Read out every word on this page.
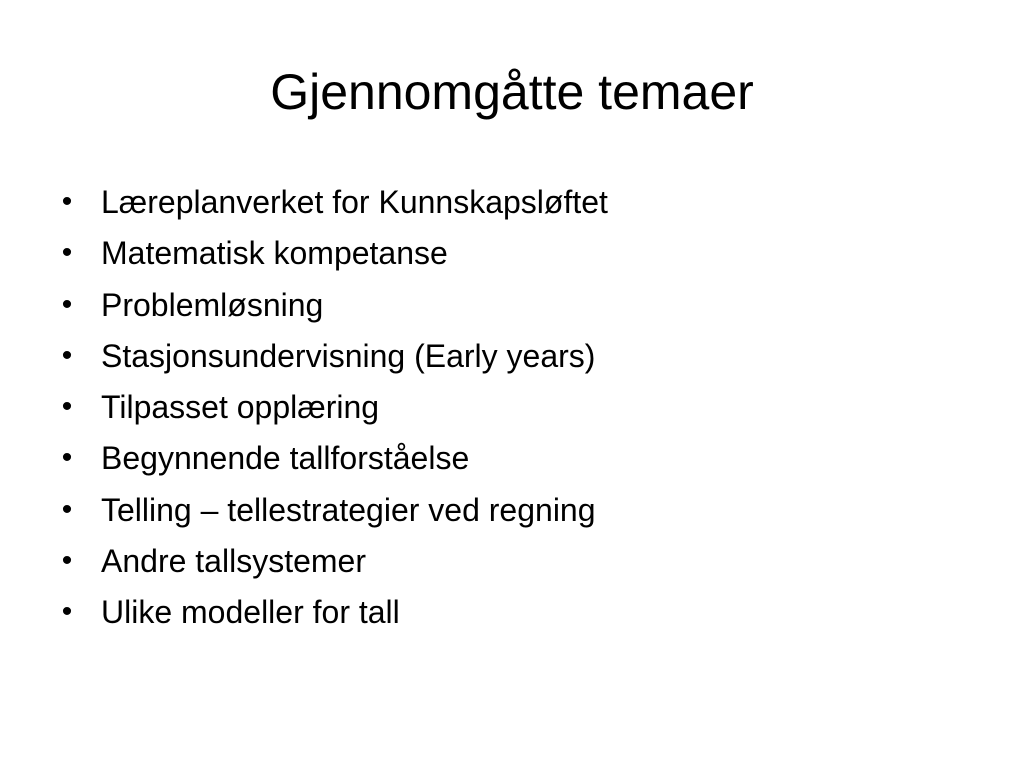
Gjennomgåtte temaer
• Læreplanverket for Kunnskapsløftet
• Matematisk kompetanse
• Problemløsning
• Stasjonsundervisning (Early years)
• Tilpasset opplæring
• Begynnende tallforståelse
• Telling – tellestrategier ved regning
• Andre tallsystemer
• Ulike modeller for tall
